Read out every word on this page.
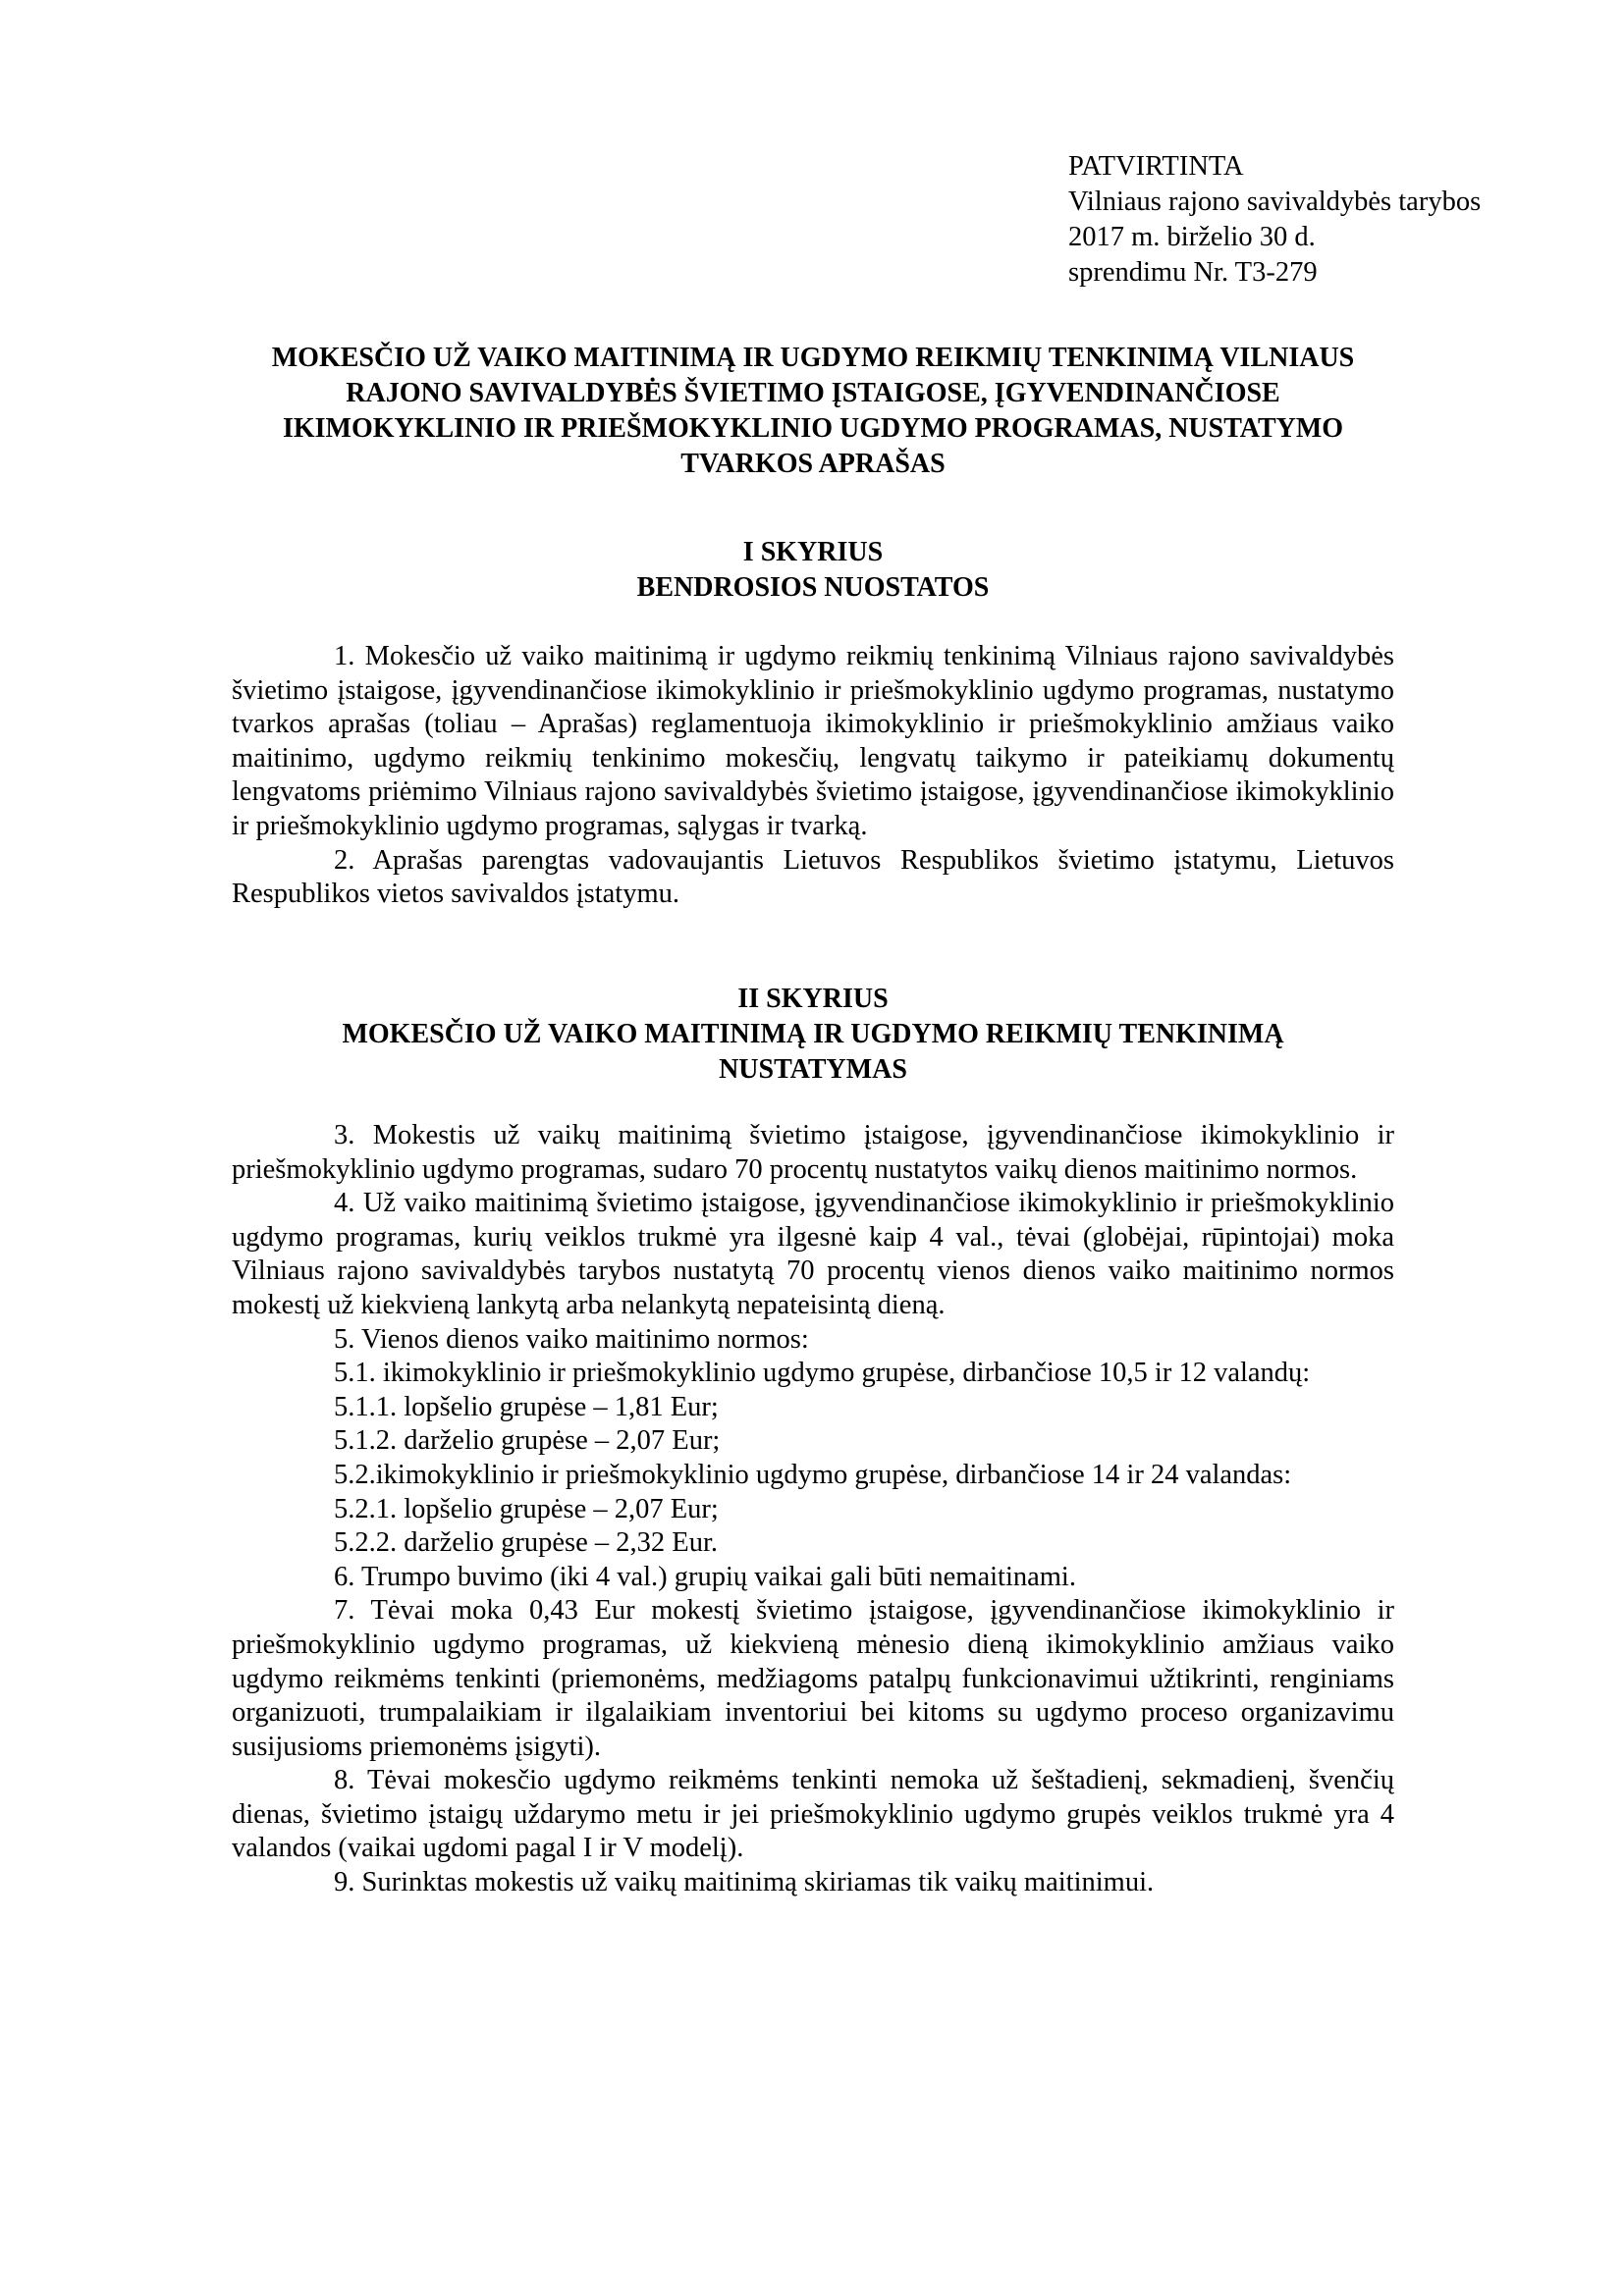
PATVIRTINTA
Vilniaus rajono savivaldybės tarybos
2017 m. birželio 30 d.
sprendimu Nr. T3-279
MOKESČIO UŽ VAIKO MAITINIMĄ IR UGDYMO REIKMIŲ TENKINIMĄ VILNIAUS
RAJONO SAVIVALDYBĖS ŠVIETIMO ĮSTAIGOSE, ĮGYVENDINANČIOSE
IKIMOKYKLINIO IR PRIEŠMOKYKLINIO UGDYMO PROGRAMAS, NUSTATYMO
TVARKOS APRAŠAS
I SKYRIUS
BENDROSIOS NUOSTATOS

1. Mokesčio už vaiko maitinimą ir ugdymo reikmių tenkinimą Vilniaus rajono savivaldybės švietimo įstaigose, įgyvendinančiose ikimokyklinio ir priešmokyklinio ugdymo programas, nustatymo tvarkos aprašas (toliau – Aprašas) reglamentuoja ikimokyklinio ir priešmokyklinio amžiaus vaiko maitinimo, ugdymo reikmių tenkinimo mokesčių, lengvatų taikymo ir pateikiamų dokumentų lengvatoms priėmimo Vilniaus rajono savivaldybės švietimo įstaigose, įgyvendinančiose ikimokyklinio ir priešmokyklinio ugdymo programas, sąlygas ir tvarką.

2. Aprašas parengtas vadovaujantis Lietuvos Respublikos švietimo įstatymu, Lietuvos Respublikos vietos savivaldos įstatymu.

II SKYRIUS
MOKESČIO UŽ VAIKO MAITINIMĄ IR UGDYMO REIKMIŲ TENKINIMĄ
NUSTATYMAS

3. Mokestis už vaikų maitinimą švietimo įstaigose, įgyvendinančiose ikimokyklinio ir priešmokyklinio ugdymo programas, sudaro 70 procentų nustatytos vaikų dienos maitinimo normos.

4. Už vaiko maitinimą švietimo įstaigose, įgyvendinančiose ikimokyklinio ir priešmokyklinio ugdymo programas, kurių veiklos trukmė yra ilgesnė kaip 4 val., tėvai (globėjai, rūpintojai) moka Vilniaus rajono savivaldybės tarybos nustatytą 70 procentų vienos dienos vaiko maitinimo normos mokestį už kiekvieną lankytą arba nelankytą nepateisintą dieną.

5. Vienos dienos vaiko maitinimo normos:

5.1. ikimokyklinio ir priešmokyklinio ugdymo grupėse, dirbančiose 10,5 ir 12 valandų:

5.1.1. lopšelio grupėse – 1,81 Eur;

5.1.2. darželio grupėse – 2,07 Eur;

5.2.ikimokyklinio ir priešmokyklinio ugdymo grupėse, dirbančiose 14 ir 24 valandas:

5.2.1. lopšelio grupėse – 2,07 Eur;

5.2.2. darželio grupėse – 2,32 Eur.

6. Trumpo buvimo (iki 4 val.) grupių vaikai gali būti nemaitinami.

7. Tėvai moka 0,43 Eur mokestį švietimo įstaigose, įgyvendinančiose ikimokyklinio ir priešmokyklinio ugdymo programas, už kiekvieną mėnesio dieną ikimokyklinio amžiaus vaiko ugdymo reikmėms tenkinti (priemonėms, medžiagoms patalpų funkcionavimui užtikrinti, renginiams organizuoti, trumpalaikiam ir ilgalaikiam inventoriui bei kitoms su ugdymo proceso organizavimu susijusioms priemonėms įsigyti).

8. Tėvai mokesčio ugdymo reikmėms tenkinti nemoka už šeštadienį, sekmadienį, švenčių dienas, švietimo įstaigų uždarymo metu ir jei priešmokyklinio ugdymo grupės veiklos trukmė yra 4 valandos (vaikai ugdomi pagal I ir V modelį).

9. Surinktas mokestis už vaikų maitinimą skiriamas tik vaikų maitinimui.
